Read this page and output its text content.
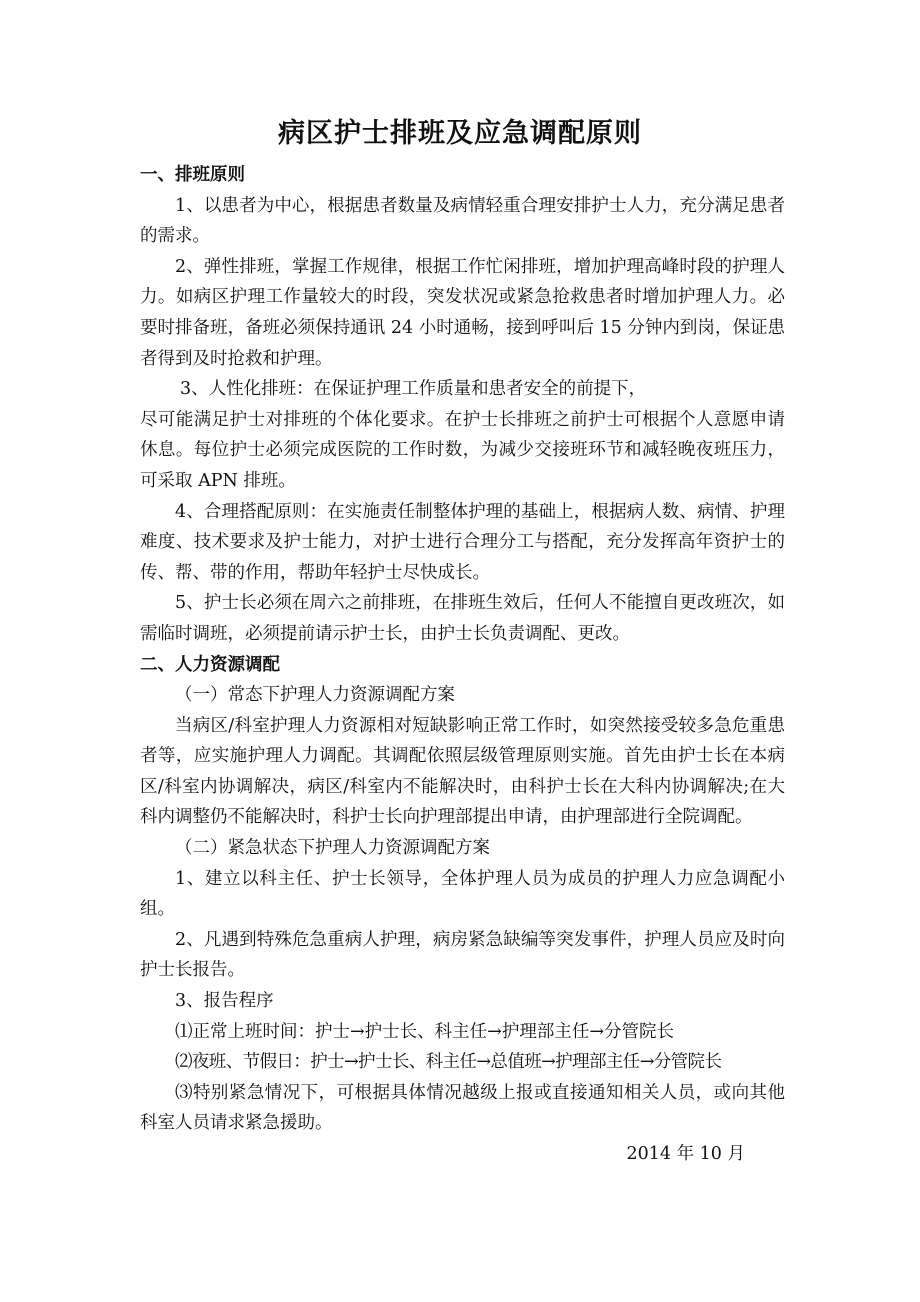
病区护士排班及应急调配原则

一、排班原则

1、以患者为中心，根据患者数量及病情轻重合理安排护士人力，充分满足患者的需求。

2、弹性排班，掌握工作规律，根据工作忙闲排班，增加护理高峰时段的护理人力。如病区护理工作量较大的时段，突发状况或紧急抢救患者时增加护理人力。必要时排备班，备班必须保持通讯 24 小时通畅，接到呼叫后 15 分钟内到岗，保证患者得到及时抢救和护理。

3、人性化排班：在保证护理工作质量和患者安全的前提下，

尽可能满足护士对排班的个体化要求。在护士长排班之前护士可根据个人意愿申请休息。每位护士必须完成医院的工作时数，为减少交接班环节和减轻晚夜班压力，可采取 APN 排班。

4、合理搭配原则：在实施责任制整体护理的基础上，根据病人数、病情、护理难度、技术要求及护士能力，对护士进行合理分工与搭配，充分发挥高年资护士的传、帮、带的作用，帮助年轻护士尽快成长。

5、护士长必须在周六之前排班，在排班生效后，任何人不能擅自更改班次，如需临时调班，必须提前请示护士长，由护士长负责调配、更改。

二、人力资源调配

（一）常态下护理人力资源调配方案

当病区/科室护理人力资源相对短缺影响正常工作时，如突然接受较多急危重患者等，应实施护理人力调配。其调配依照层级管理原则实施。首先由护士长在本病区/科室内协调解决，病区/科室内不能解决时，由科护士长在大科内协调解决;在大科内调整仍不能解决时，科护士长向护理部提出申请，由护理部进行全院调配。

（二）紧急状态下护理人力资源调配方案

1、建立以科主任、护士长领导，全体护理人员为成员的护理人力应急调配小组。

2、凡遇到特殊危急重病人护理，病房紧急缺编等突发事件，护理人员应及时向护士长报告。

3、报告程序

⑴正常上班时间：护士→护士长、科主任→护理部主任→分管院长

⑵夜班、节假日：护士→护士长、科主任→总值班→护理部主任→分管院长

⑶特别紧急情况下，可根据具体情况越级上报或直接通知相关人员，或向其他科室人员请求紧急援助。

2014 年 10 月
